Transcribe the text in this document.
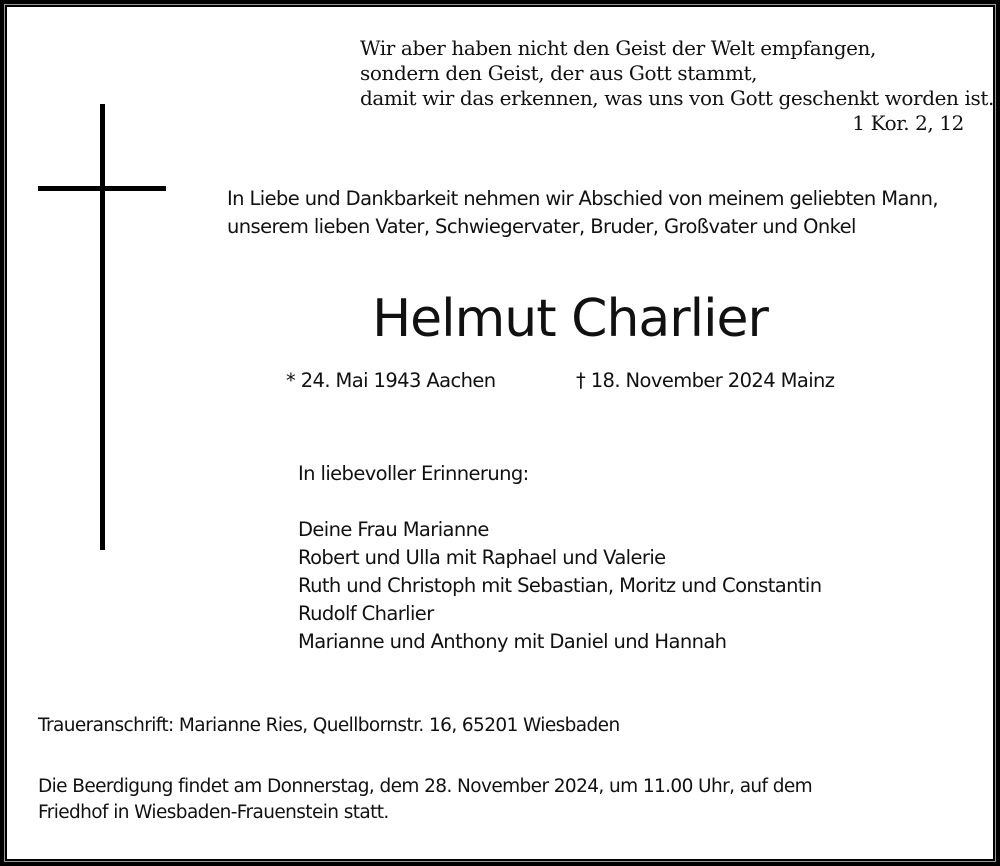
Wir aber haben nicht den Geist der Welt empfangen,
sondern den Geist, der aus Gott stammt,
damit wir das erkennen, was uns von Gott geschenkt worden ist.
1 Kor. 2, 12
In Liebe und Dankbarkeit nehmen wir Abschied von meinem geliebten Mann,
unserem lieben Vater, Schwiegervater, Bruder, Großvater und Onkel
Helmut Charlier
* 24. Mai 1943 Aachen	† 18. November 2024 Mainz
In liebevoller Erinnerung:
Deine Frau Marianne
Robert und Ulla mit Raphael und Valerie
Ruth und Christoph mit Sebastian, Moritz und Constantin
Rudolf Charlier
Marianne und Anthony mit Daniel und Hannah
Traueranschrift: Marianne Ries, Quellbornstr. 16, 65201 Wiesbaden
Die Beerdigung findet am Donnerstag, dem 28. November 2024, um 11.00 Uhr, auf dem
Friedhof in Wiesbaden-Frauenstein statt.
